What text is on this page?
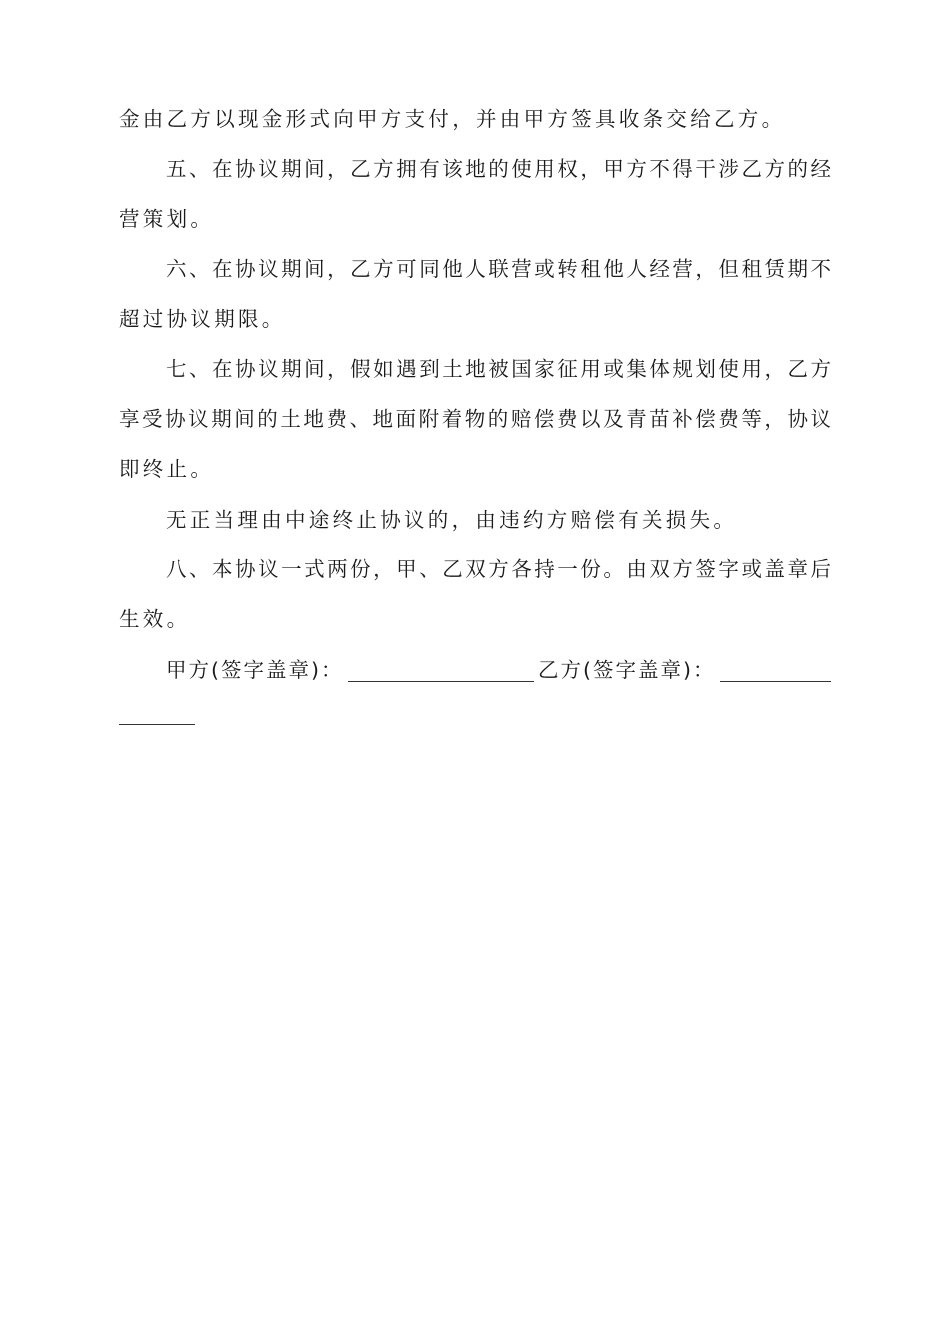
金由乙方以现金形式向甲方支付，并由甲方签具收条交给乙方。
五、在协议期间，乙方拥有该地的使用权，甲方不得干涉乙方的经
营策划。
六、在协议期间，乙方可同他人联营或转租他人经营，但租赁期不
超过协议期限。
七、在协议期间，假如遇到土地被国家征用或集体规划使用，乙方
享受协议期间的土地费、地面附着物的赔偿费以及青苗补偿费等，协议
即终止。
无正当理由中途终止协议的，由违约方赔偿有关损失。
八、本协议一式两份，甲、乙双方各持一份。由双方签字或盖章后
生效。
甲方(签字盖章)：	乙方(签字盖章)：
